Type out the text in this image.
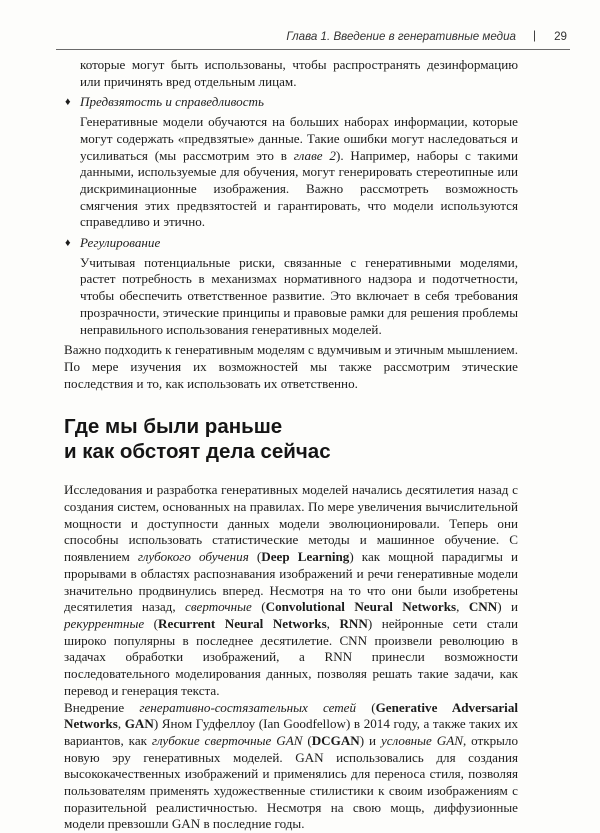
Глава 1. Введение в генеративные медиа | 29

которые могут быть использованы, чтобы распространять дезинформацию или причинять вред отдельным лицам.

♦ Предвзятость и справедливость

Генеративные модели обучаются на больших наборах информации, которые могут содержать «предвзятые» данные. Такие ошибки могут наследоваться и усиливаться (мы рассмотрим это в главе 2). Например, наборы с такими данными, используемые для обучения, могут генерировать стереотипные или дискриминационные изображения. Важно рассмотреть возможность смягчения этих предвзятостей и гарантировать, что модели используются справедливо и этично.

♦ Регулирование

Учитывая потенциальные риски, связанные с генеративными моделями, растет потребность в механизмах нормативного надзора и подотчетности, чтобы обеспечить ответственное развитие. Это включает в себя требования прозрачности, этические принципы и правовые рамки для решения проблемы неправильного использования генеративных моделей.

Важно подходить к генеративным моделям с вдумчивым и этичным мышлением. По мере изучения их возможностей мы также рассмотрим этические последствия и то, как использовать их ответственно.

Где мы были раньше
и как обстоят дела сейчас

Исследования и разработка генеративных моделей начались десятилетия назад с создания систем, основанных на правилах. По мере увеличения вычислительной мощности и доступности данных модели эволюционировали. Теперь они способны использовать статистические методы и машинное обучение. С появлением глубокого обучения (Deep Learning) как мощной парадигмы и прорывами в областях распознавания изображений и речи генеративные модели значительно продвинулись вперед. Несмотря на то что они были изобретены десятилетия назад, сверточные (Convolutional Neural Networks, CNN) и рекуррентные (Recurrent Neural Networks, RNN) нейронные сети стали широко популярны в последнее десятилетие. CNN произвели революцию в задачах обработки изображений, а RNN принесли возможности последовательного моделирования данных, позволяя решать такие задачи, как перевод и генерация текста.

Внедрение генеративно-состязательных сетей (Generative Adversarial Networks, GAN) Яном Гудфеллоу (Ian Goodfellow) в 2014 году, а также таких их вариантов, как глубокие сверточные GAN (DCGAN) и условные GAN, открыло новую эру генеративных моделей. GAN использовались для создания высококачественных изображений и применялись для переноса стиля, позволяя пользователям применять художественные стилистики к своим изображениям с поразительной реалистичностью. Несмотря на свою мощь, диффузионные модели превзошли GAN в последние годы.
